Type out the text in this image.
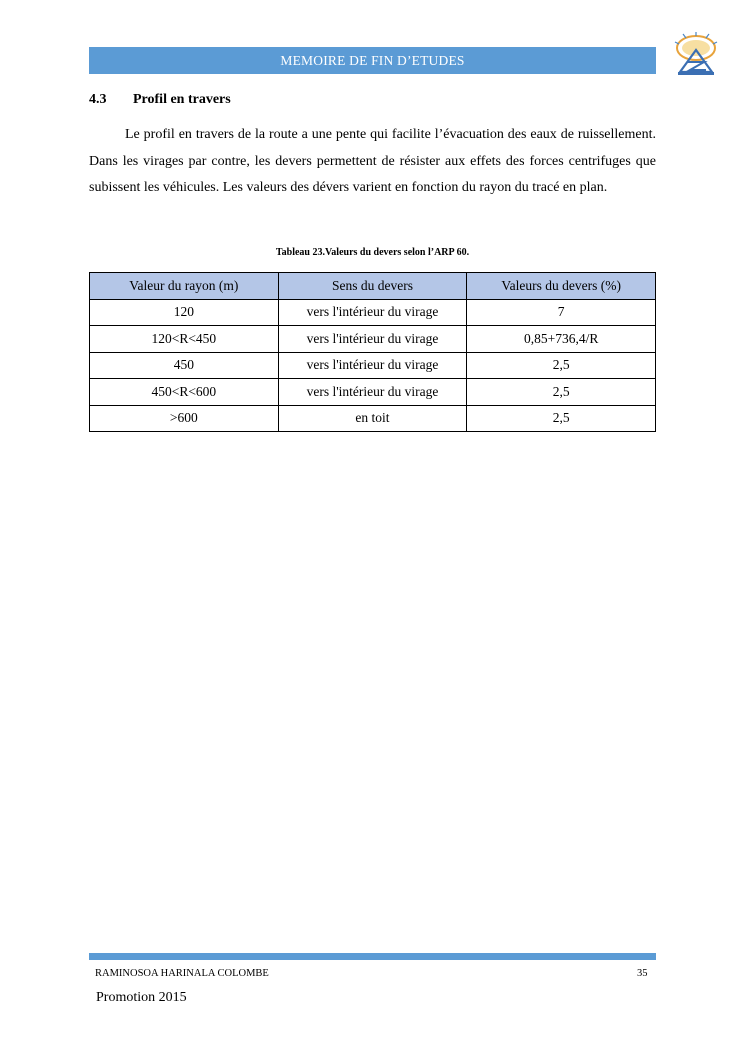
MEMOIRE DE FIN D’ETUDES
4.3	Profil en travers

Le profil en travers de la route a une pente qui facilite l’évacuation des eaux de ruissellement. Dans les virages par contre, les devers permettent de résister aux effets des forces centrifuges que subissent les véhicules. Les valeurs des dévers varient en fonction du rayon du tracé en plan.

Tableau 23.Valeurs du devers selon l’ARP 60.
Valeur du rayon (m)	Sens du devers	Valeurs du devers (%)
120	vers l'intérieur du virage	7
120<R<450	vers l'intérieur du virage	0,85+736,4/R
450	vers l'intérieur du virage	2,5
450<R<600	vers l'intérieur du virage	2,5
>600	en toit	2,5
RAMINOSOA HARINALA COLOMBE	35
Promotion 2015
